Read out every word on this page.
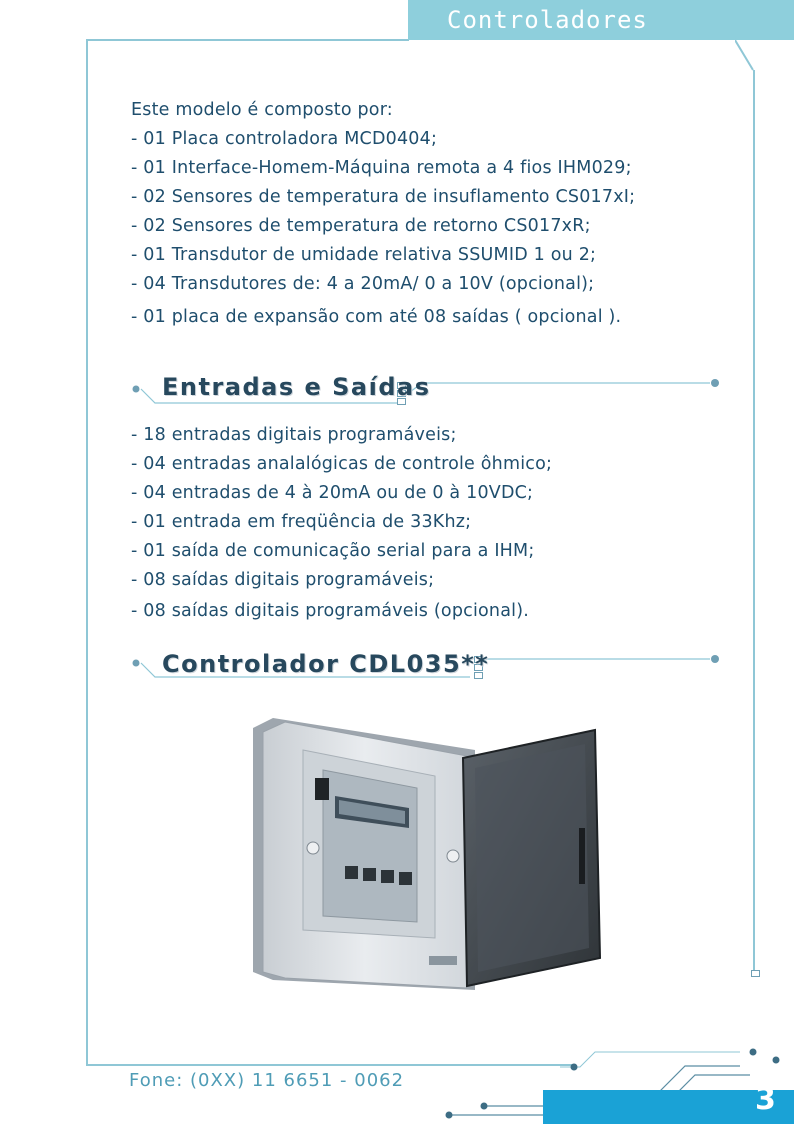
Controladores
Este modelo é composto por:
- 01 Placa controladora MCD0404;
- 01 Interface-Homem-Máquina remota a 4 fios IHM029;
- 02 Sensores de temperatura de insuflamento CS017xI;
- 02 Sensores de temperatura de retorno CS017xR;
- 01 Transdutor de umidade relativa SSUMID 1 ou 2;
- 04 Transdutores de: 4 a 20mA/ 0 a 10V (opcional);
- 01 placa de expansão com até 08 saídas ( opcional ).
Entradas e Saídas
- 18 entradas digitais programáveis;
- 04 entradas analalógicas de controle ôhmico;
- 04 entradas de 4 à 20mA ou de 0 à 10VDC;
- 01 entrada em freqüência de 33Khz;
- 01 saída de comunicação serial para a IHM;
- 08 saídas digitais programáveis;
- 08 saídas digitais programáveis (opcional).
Controlador CDL035**
Fone: (0XX) 11 6651 - 0062
3
